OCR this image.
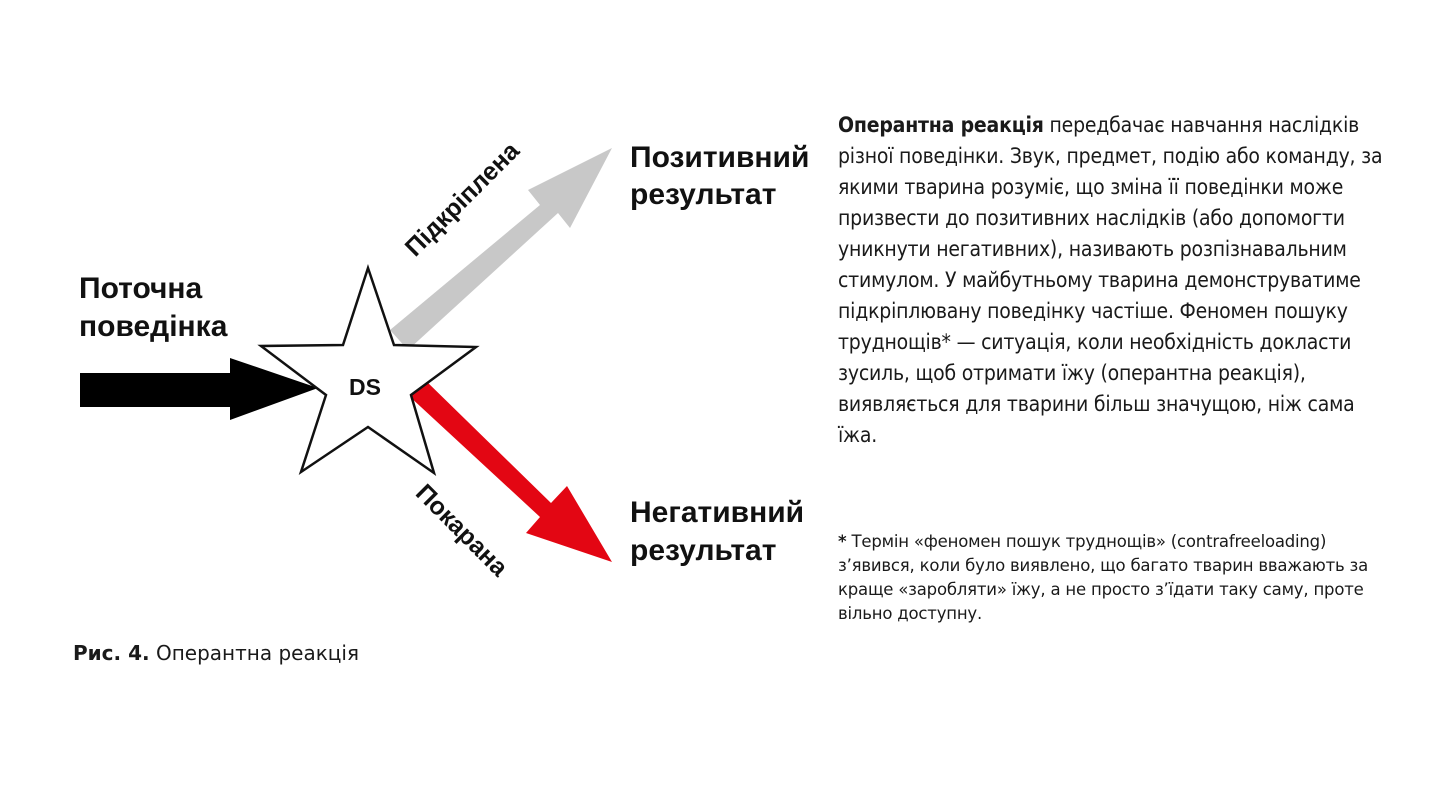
DS
Поточна поведінка
Підкріплена
Покарана
Позитивний результат
Негативний результат
Оперантна реакція передбачає навчання наслідків різної поведінки. Звук, предмет, подію або команду, за якими тварина розуміє, що зміна її поведінки може призвести до позитивних наслідків (або допомогти уникнути негативних), називають розпізнавальним стимулом. У майбутньому тварина демонструватиме підкріплювану поведінку частіше. Феномен пошуку труднощів* — ситуація, коли необхідність докласти зусиль, щоб отримати їжу (оперантна реакція), виявляється для тварини більш значущою, ніж сама їжа.
* Термін «феномен пошук труднощів» (contrafreeloading) з’явився, коли було виявлено, що багато тварин вважають за краще «заробляти» їжу, а не просто з’їдати таку саму, проте вільно доступну.
Рис. 4. Оперантна реакція
